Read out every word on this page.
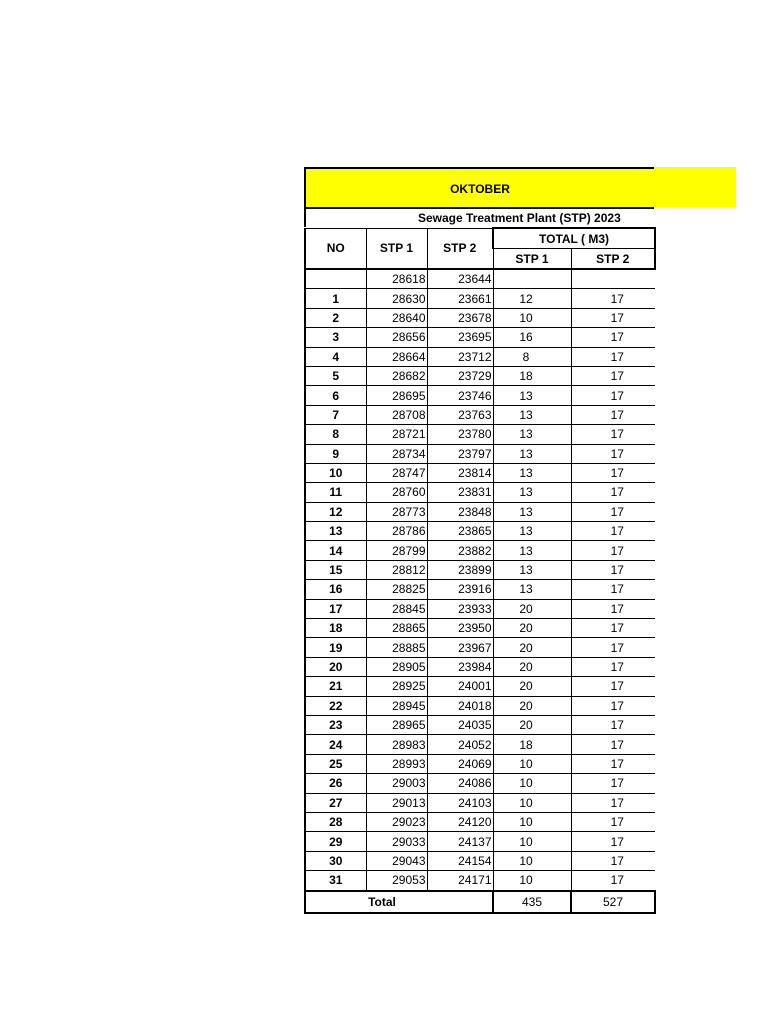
OKTOBER
Sewage Treatment Plant (STP) 2023
NO	STP 1	STP 2	TOTAL ( M3)	
			STP 1	STP 2
	28618	23644		
1	28630	23661	12	17
2	28640	23678	10	17
3	28656	23695	16	17
4	28664	23712	8	17
5	28682	23729	18	17
6	28695	23746	13	17
7	28708	23763	13	17
8	28721	23780	13	17
9	28734	23797	13	17
10	28747	23814	13	17
11	28760	23831	13	17
12	28773	23848	13	17
13	28786	23865	13	17
14	28799	23882	13	17
15	28812	23899	13	17
16	28825	23916	13	17
17	28845	23933	20	17
18	28865	23950	20	17
19	28885	23967	20	17
20	28905	23984	20	17
21	28925	24001	20	17
22	28945	24018	20	17
23	28965	24035	20	17
24	28983	24052	18	17
25	28993	24069	10	17
26	29003	24086	10	17
27	29013	24103	10	17
28	29023	24120	10	17
29	29033	24137	10	17
30	29043	24154	10	17
31	29053	24171	10	17
Total			435	527
